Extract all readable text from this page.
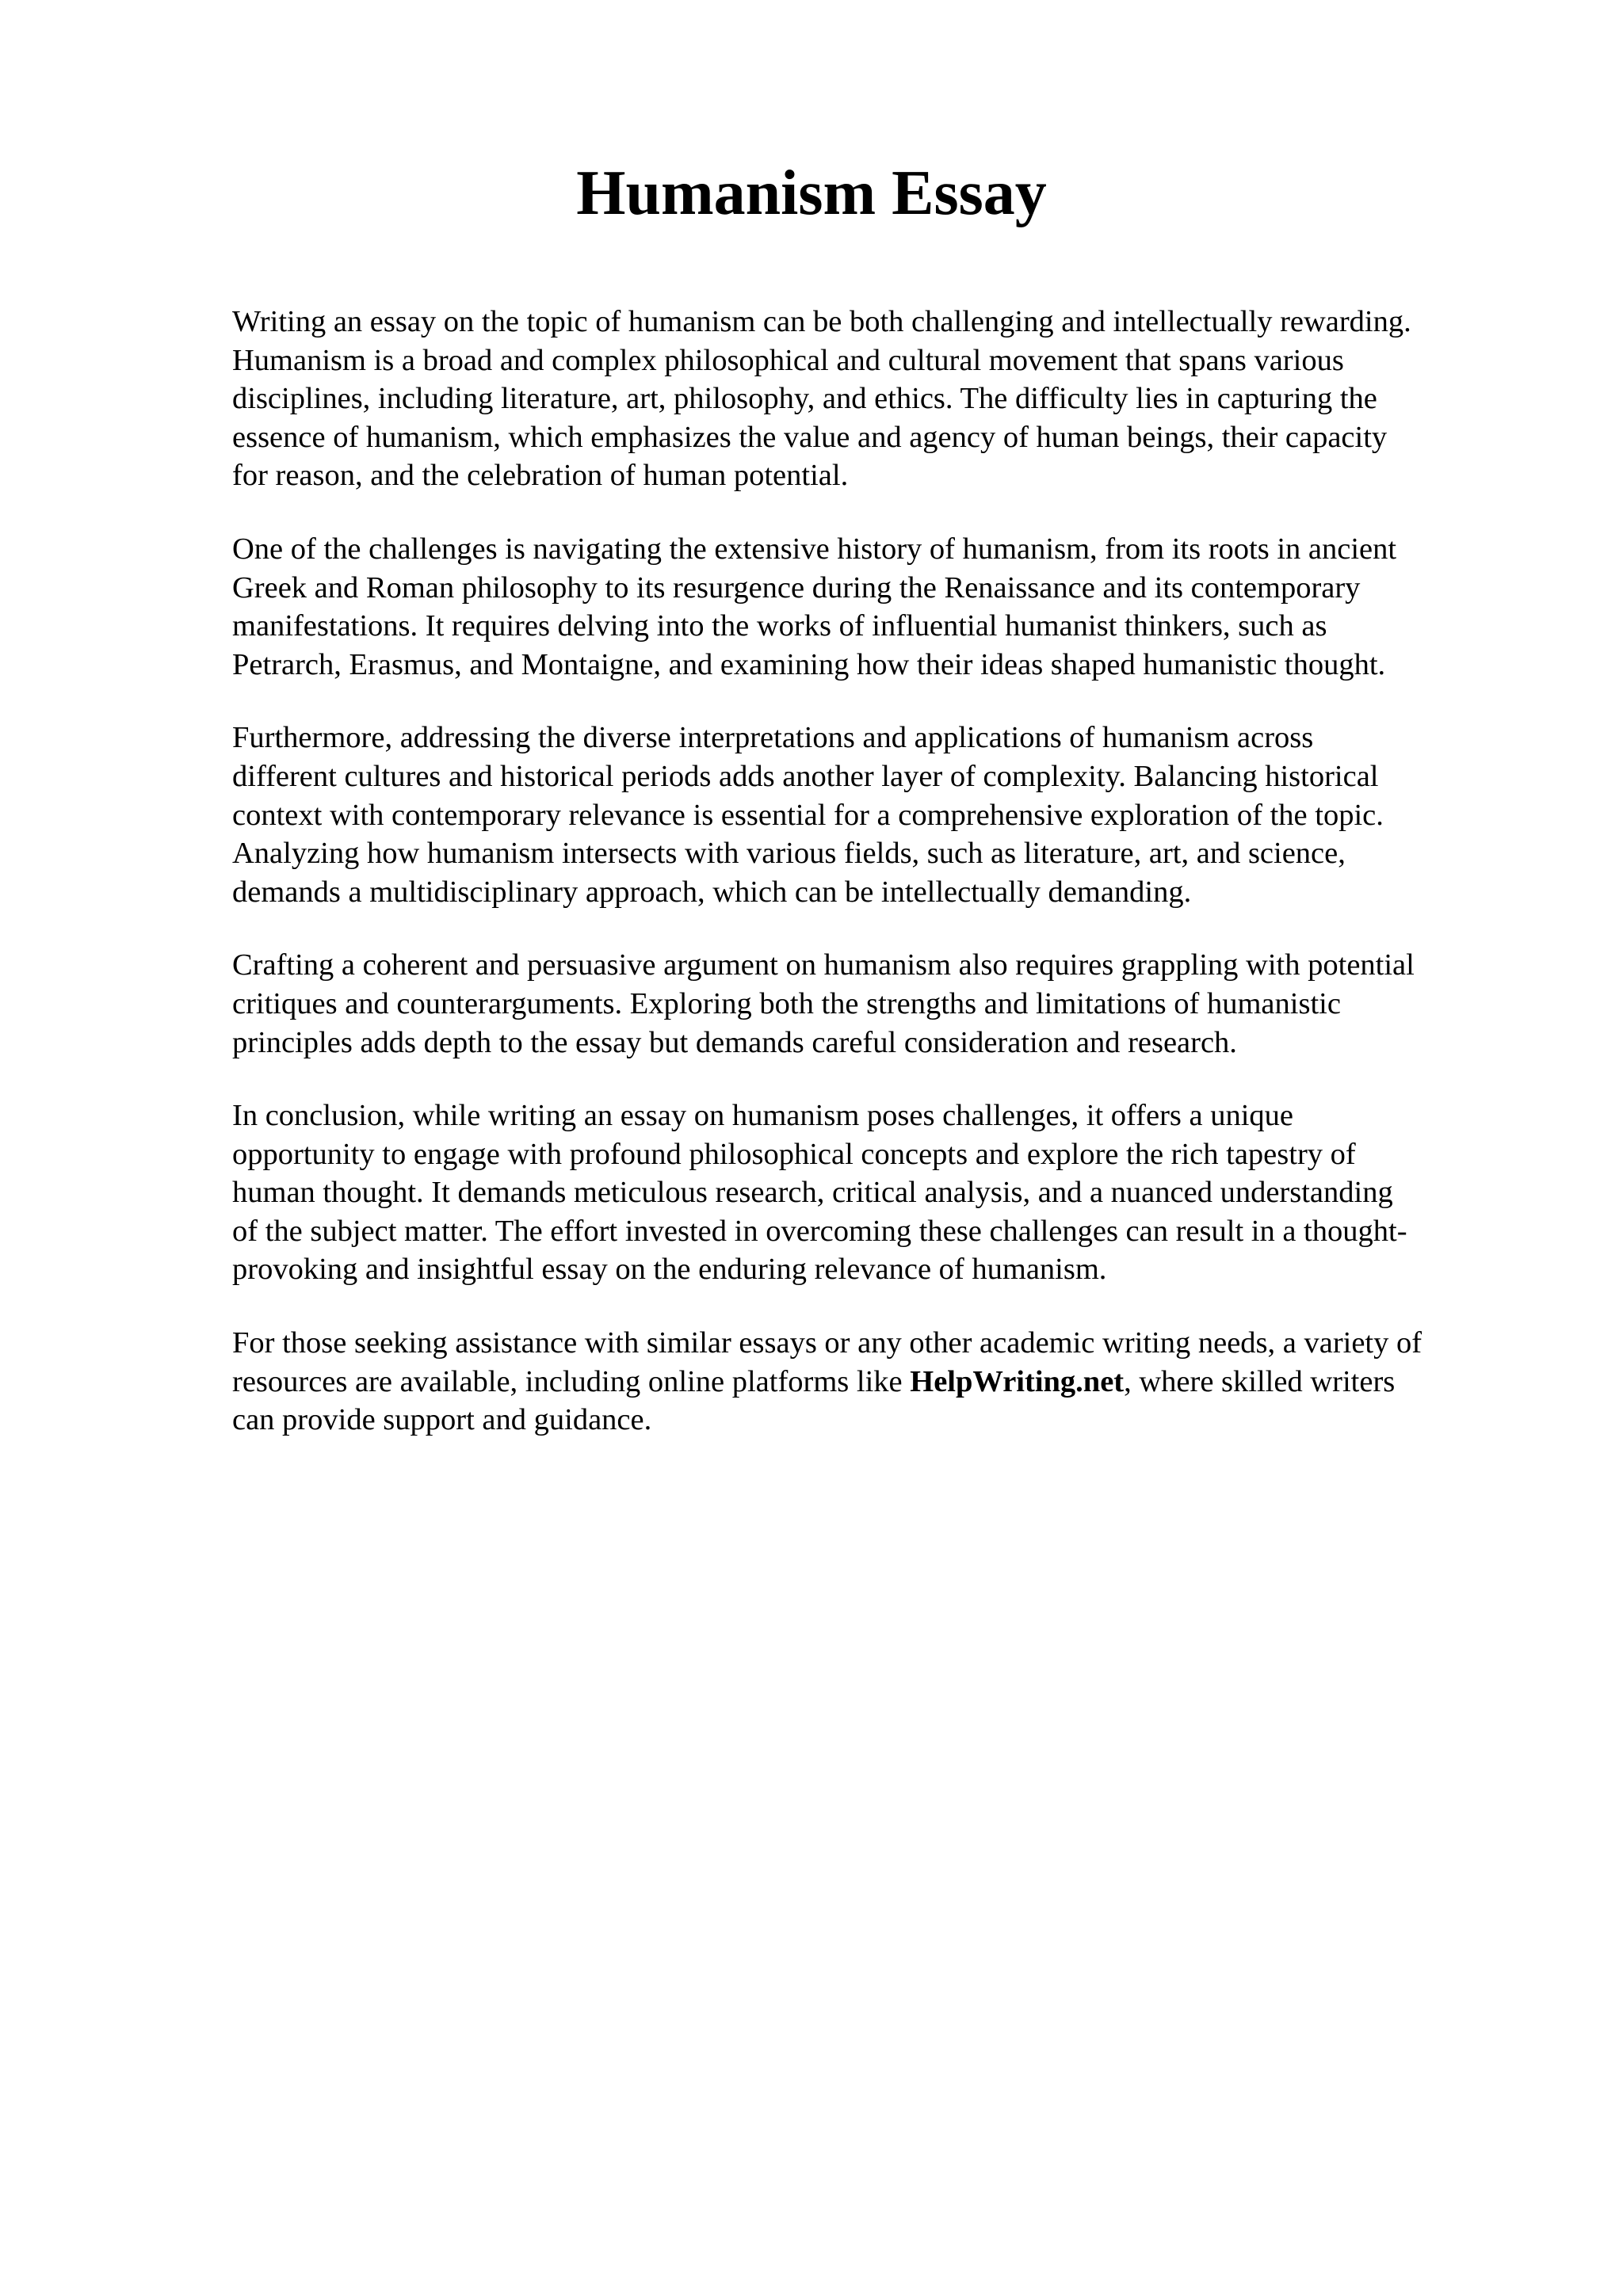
Humanism Essay

Writing an essay on the topic of humanism can be both challenging and intellectually rewarding.
Humanism is a broad and complex philosophical and cultural movement that spans various
disciplines, including literature, art, philosophy, and ethics. The difficulty lies in capturing the
essence of humanism, which emphasizes the value and agency of human beings, their capacity
for reason, and the celebration of human potential.

One of the challenges is navigating the extensive history of humanism, from its roots in ancient
Greek and Roman philosophy to its resurgence during the Renaissance and its contemporary
manifestations. It requires delving into the works of influential humanist thinkers, such as
Petrarch, Erasmus, and Montaigne, and examining how their ideas shaped humanistic thought.

Furthermore, addressing the diverse interpretations and applications of humanism across
different cultures and historical periods adds another layer of complexity. Balancing historical
context with contemporary relevance is essential for a comprehensive exploration of the topic.
Analyzing how humanism intersects with various fields, such as literature, art, and science,
demands a multidisciplinary approach, which can be intellectually demanding.

Crafting a coherent and persuasive argument on humanism also requires grappling with potential
critiques and counterarguments. Exploring both the strengths and limitations of humanistic
principles adds depth to the essay but demands careful consideration and research.

In conclusion, while writing an essay on humanism poses challenges, it offers a unique
opportunity to engage with profound philosophical concepts and explore the rich tapestry of
human thought. It demands meticulous research, critical analysis, and a nuanced understanding
of the subject matter. The effort invested in overcoming these challenges can result in a thought-
provoking and insightful essay on the enduring relevance of humanism.

For those seeking assistance with similar essays or any other academic writing needs, a variety of
resources are available, including online platforms like HelpWriting.net, where skilled writers
can provide support and guidance.
